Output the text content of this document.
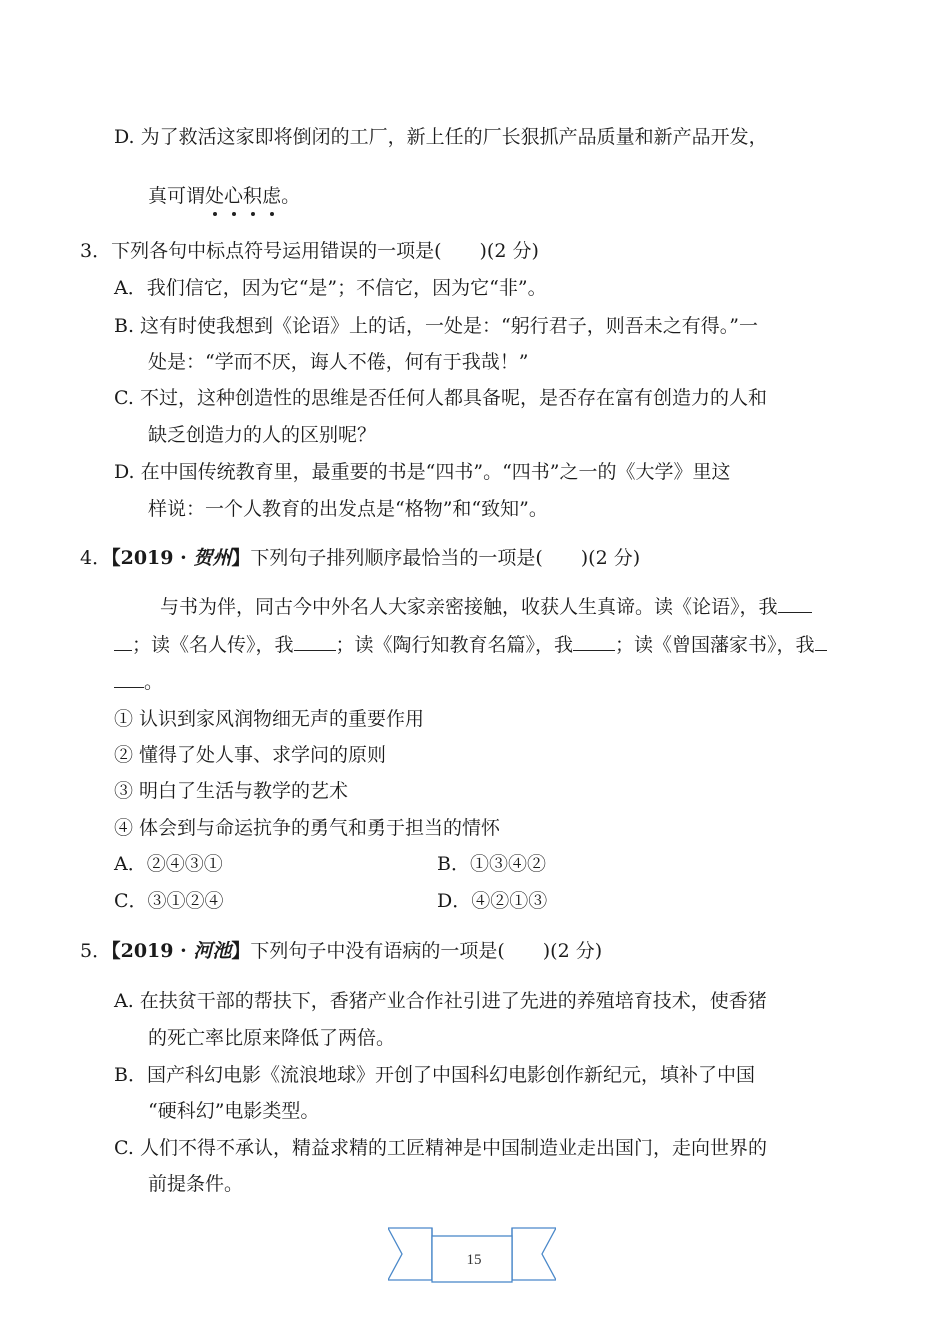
D. 为了救活这家即将倒闭的工厂，新上任的厂长狠抓产品质量和新产品开发，
真可谓处
心
积
虑
。
3．下列各句中标点符号运用错误的一项是(　　)(2 分)
A．我们信它，因为它“是”；不信它，因为它“非”。
B. 这有时使我想到《论语》上的话，一处是：“躬行君子，则吾未之有得。”一
处是：“学而不厌，诲人不倦，何有于我哉！”
C. 不过，这种创造性的思维是否任何人都具备呢，是否存在富有创造力的人和
缺乏创造力的人的区别呢？
D. 在中国传统教育里，最重要的书是“四书”。“四书”之一的《大学》里这
样说：一个人教育的出发点是“格物”和“致知”。
4．【2019 · 贺州】下列句子排列顺序最恰当的一项是(　　)(2 分)
与书为伴，同古今中外名人大家亲密接触，收获人生真谛。读《论语》，我
；读《名人传》，我 ；读《陶行知教育名篇》，我 ；读《曾国藩家书》，我
。
① 认识到家风润物细无声的重要作用
② 懂得了处人事、求学问的原则
③ 明白了生活与教学的艺术
④ 体会到与命运抗争的勇气和勇于担当的情怀
A．②④③①	B．①③④②
C．③①②④	D．④②①③
5．【2019 · 河池】下列句子中没有语病的一项是(　　)(2 分)
A. 在扶贫干部的帮扶下，香猪产业合作社引进了先进的养殖培育技术，使香猪
的死亡率比原来降低了两倍。
B．国产科幻电影《流浪地球》开创了中国科幻电影创作新纪元，填补了中国
“硬科幻”电影类型。
C. 人们不得不承认，精益求精的工匠精神是中国制造业走出国门，走向世界的
前提条件。
15
